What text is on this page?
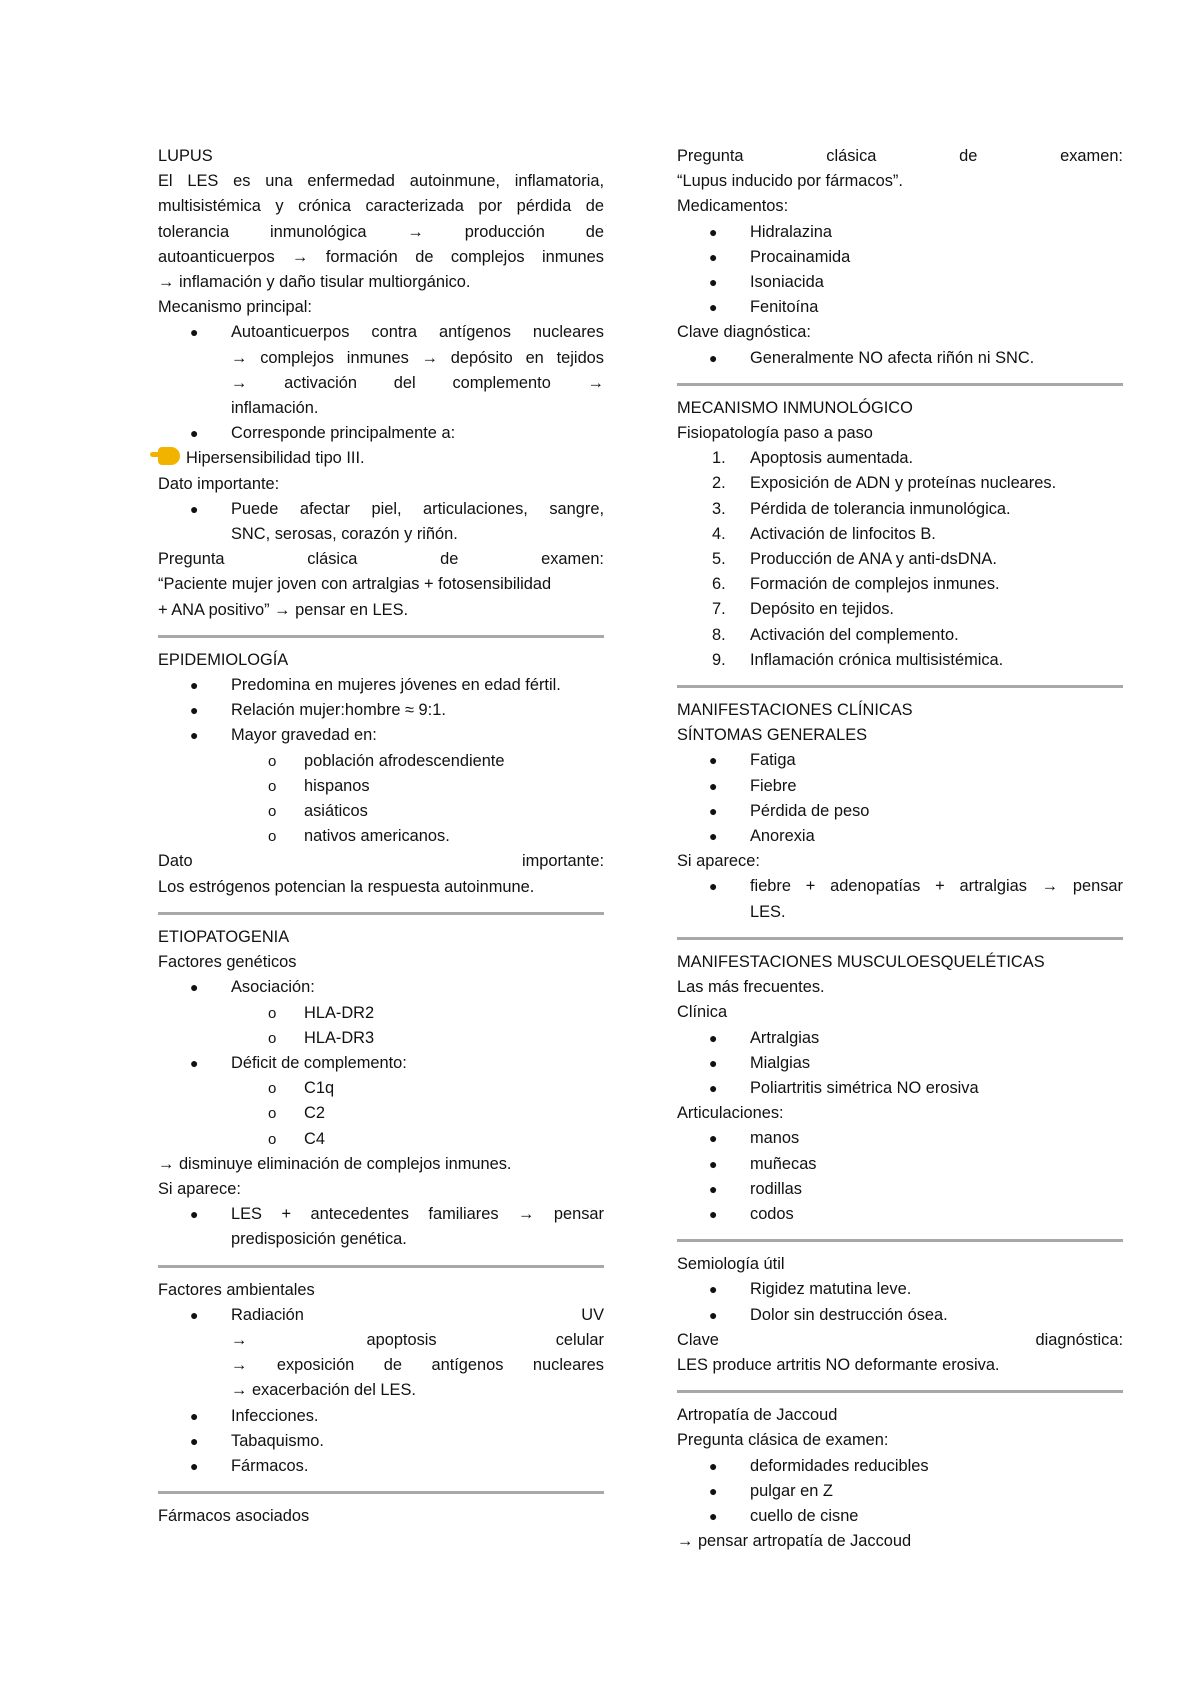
LUPUS
El LES es una enfermedad autoinmune, inflamatoria,
multisistémica y crónica caracterizada por pérdida de
tolerancia inmunológica → producción de
autoanticuerpos → formación de complejos inmunes
→ inflamación y daño tisular multiorgánico.
Mecanismo principal:
● Autoanticuerpos contra antígenos nucleares
→ complejos inmunes → depósito en tejidos
→ activación del complemento →
inflamación.
● Corresponde principalmente a:
Hipersensibilidad tipo III.
Dato importante:
● Puede afectar piel, articulaciones, sangre,
SNC, serosas, corazón y riñón.
Pregunta clásica de examen:
“Paciente mujer joven con artralgias + fotosensibilidad
+ ANA positivo” → pensar en LES.
EPIDEMIOLOGÍA
● Predomina en mujeres jóvenes en edad fértil.
● Relación mujer:hombre ≈ 9:1.
● Mayor gravedad en:
o población afrodescendiente
o hispanos
o asiáticos
o nativos americanos.
Dato importante:
Los estrógenos potencian la respuesta autoinmune.
ETIOPATOGENIA
Factores genéticos
● Asociación:
o HLA-DR2
o HLA-DR3
● Déficit de complemento:
o C1q
o C2
o C4
→ disminuye eliminación de complejos inmunes.
Si aparece:
● LES + antecedentes familiares → pensar
predisposición genética.
Factores ambientales
● Radiación UV
→ apoptosis celular
→ exposición de antígenos nucleares
→ exacerbación del LES.
● Infecciones.
● Tabaquismo.
● Fármacos.
Fármacos asociados
Pregunta clásica de examen:
“Lupus inducido por fármacos”.
Medicamentos:
● Hidralazina
● Procainamida
● Isoniacida
● Fenitoína
Clave diagnóstica:
● Generalmente NO afecta riñón ni SNC.
MECANISMO INMUNOLÓGICO
Fisiopatología paso a paso
1. Apoptosis aumentada.
2. Exposición de ADN y proteínas nucleares.
3. Pérdida de tolerancia inmunológica.
4. Activación de linfocitos B.
5. Producción de ANA y anti-dsDNA.
6. Formación de complejos inmunes.
7. Depósito en tejidos.
8. Activación del complemento.
9. Inflamación crónica multisistémica.
MANIFESTACIONES CLÍNICAS
SÍNTOMAS GENERALES
● Fatiga
● Fiebre
● Pérdida de peso
● Anorexia
Si aparece:
● fiebre + adenopatías + artralgias → pensar
LES.
MANIFESTACIONES MUSCULOESQUELÉTICAS
Las más frecuentes.
Clínica
● Artralgias
● Mialgias
● Poliartritis simétrica NO erosiva
Articulaciones:
● manos
● muñecas
● rodillas
● codos
Semiología útil
● Rigidez matutina leve.
● Dolor sin destrucción ósea.
Clave diagnóstica:
LES produce artritis NO deformante erosiva.
Artropatía de Jaccoud
Pregunta clásica de examen:
● deformidades reducibles
● pulgar en Z
● cuello de cisne
→ pensar artropatía de Jaccoud
